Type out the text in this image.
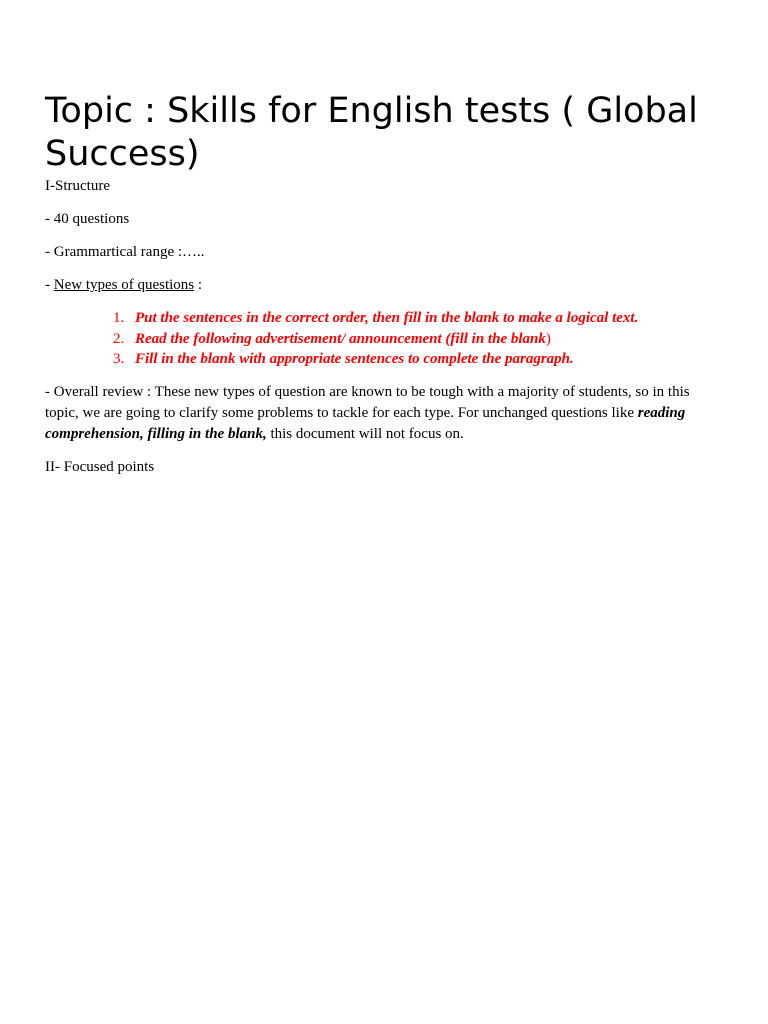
Topic : Skills for English tests ( Global Success)

I-Structure

- 40 questions

- Grammartical range :…..

- New types of questions :

1. Put the sentences in the correct order, then fill in the blank to make a logical text.
2. Read the following advertisement/ announcement (fill in the blank)
3. Fill in the blank with appropriate sentences to complete the paragraph.

- Overall review : These new types of question are known to be tough with a majority of students, so in this topic, we are going to clarify some problems to tackle for each type. For unchanged questions like reading comprehension, filling in the blank, this document will not focus on.

II- Focused points
